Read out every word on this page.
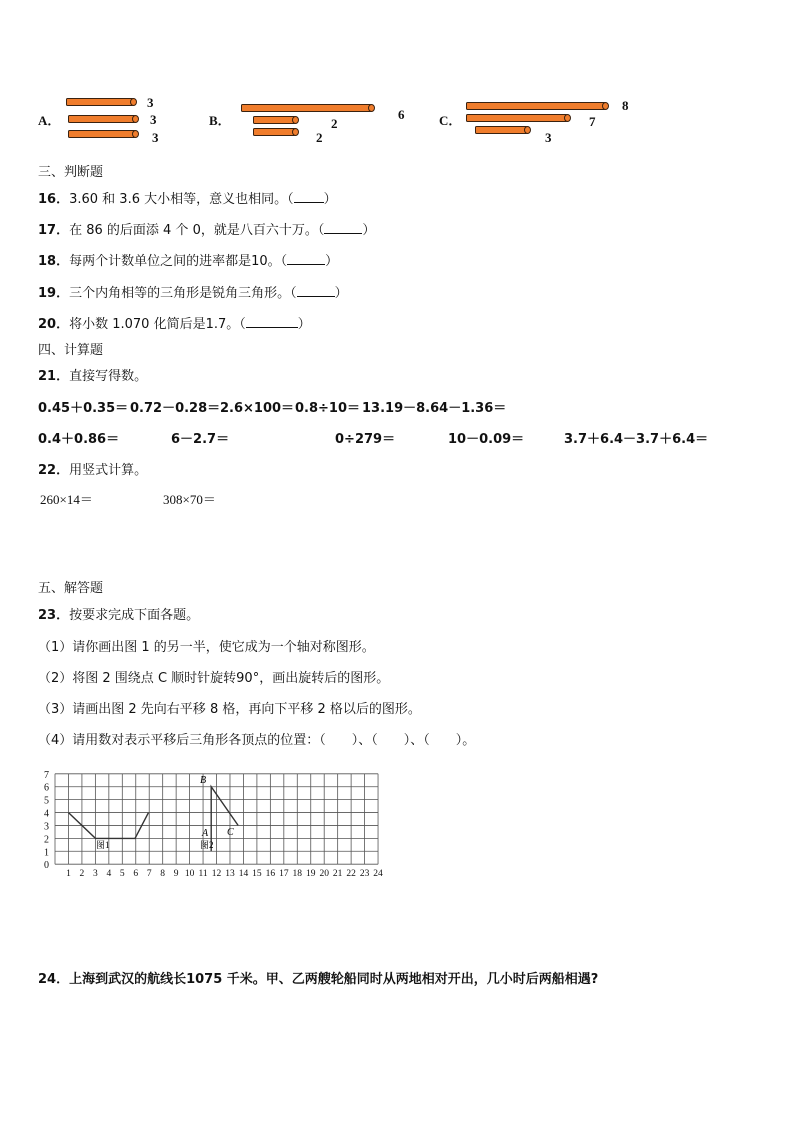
A．
3
3
3
B．	6
2
2
C．
8
7
3
三、判断题
16．3.60 和 3.6 大小相等，意义也相同。（ ）
17．在 86 的后面添 4 个 0，就是八百六十万。（	）
18．每两个计数单位之间的进率都是10。（	）
19．三个内角相等的三角形是锐角三角形。（	）
20．将小数 1.070 化简后是1.7。（	）
四、计算题
21．直接写得数。
0.45＋0.35＝ 0.72－0.28＝ 2.6×100＝ 0.8÷10＝ 13.19－8.64－1.36＝
0.4＋0.86＝	6－2.7＝	0÷279＝	10－0.09＝	3.7＋6.4－3.7＋6.4＝
22．用竖式计算。
260×14＝	308×70＝
五、解答题
23．按要求完成下面各题。
（1）请你画出图 1 的另一半，使它成为一个轴对称图形。
（2）将图 2 围绕点 C 顺时针旋转90°，画出旋转后的图形。
（3）请画出图 2 先向右平移 8 格，再向下平移 2 格以后的图形。
（4）请用数对表示平移后三角形各顶点的位置：（　　）、（　　）、（　　）。
7
6
5
4
3
2
1
0
1 2 3 4 5 6 7 8 9 10 11 12 13 14 15 16 17 18 19 20 21 22 23 24
图1	图2
A
B
C
24．上海到武汉的航线长1075 千米。甲、乙两艘轮船同时从两地相对开出，几小时后两船相遇?
